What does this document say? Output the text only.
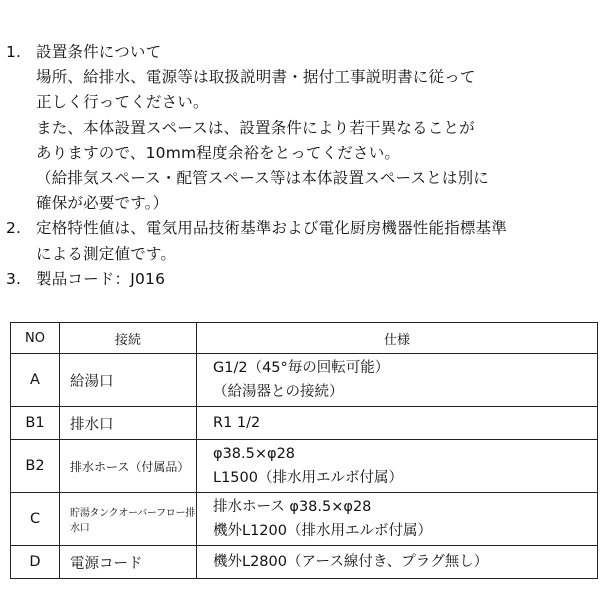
1. 設置条件について
場所、給排水、電源等は取扱説明書・据付工事説明書に従って
正しく行ってください。
また、本体設置スペースは、設置条件により若干異なることが
ありますので、10mm程度余裕をとってください。
（給排気スペース・配管スペース等は本体設置スペースとは別に
確保が必要です。）
2. 定格特性値は、電気用品技術基準および電化厨房機器性能指標基準
による測定値です。
3. 製品コード：J016
NO	接続	仕様
A	給湯口	G1/2（45°毎の回転可能）
（給湯器との接続）

B1	排水口	R1 1/2

B2	排水ホース（付属品）	φ38.5×φ28
L1500（排水用エルボ付属）

C	貯湯タンクオーバーフロー排水口	排水ホース φ38.5×φ28
機外L1200（排水用エルボ付属）

D	電源コード	機外L2800（アース線付き、プラグ無し）
